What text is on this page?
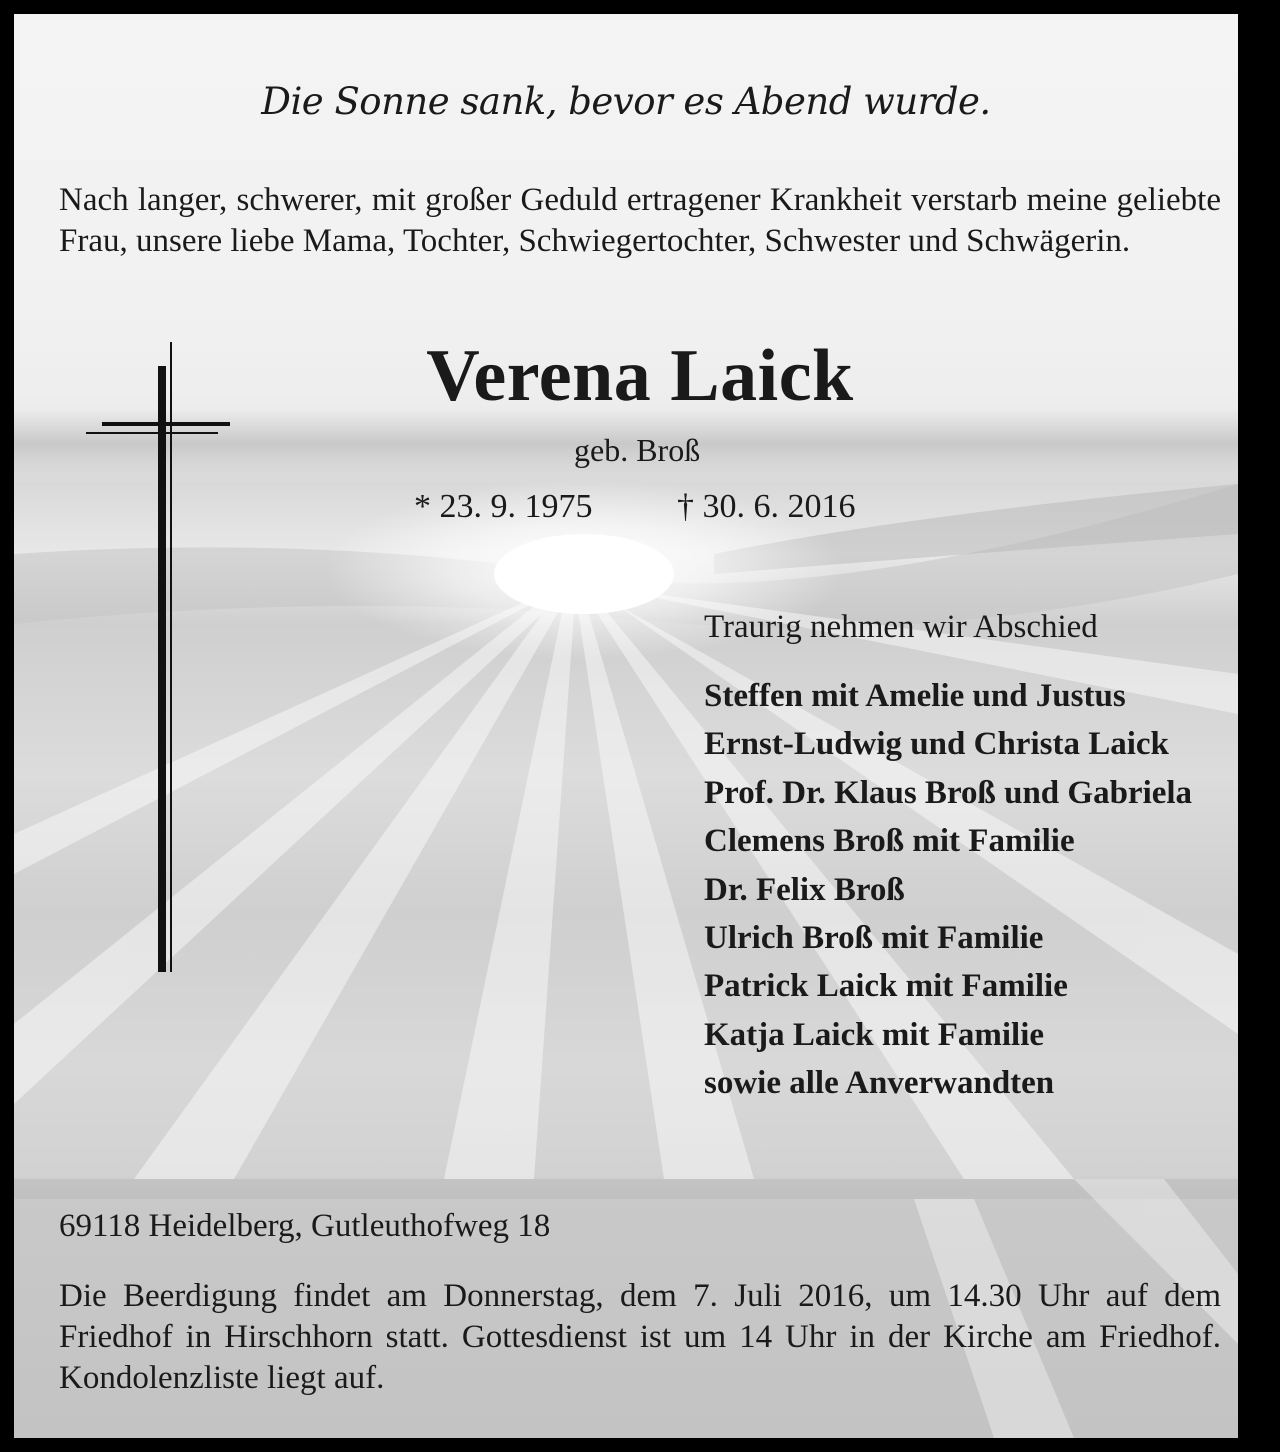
Die Sonne sank, bevor es Abend wurde.

Nach langer, schwerer, mit großer Geduld ertragener Krankheit verstarb meine geliebte Frau, unsere liebe Mama, Tochter, Schwiegertochter, Schwester und Schwägerin.

Verena Laick

geb. Broß

* 23. 9. 1975 † 30. 6. 2016

Traurig nehmen wir Abschied

Steffen mit Amelie und Justus
Ernst-Ludwig und Christa Laick
Prof. Dr. Klaus Broß und Gabriela
Clemens Broß mit Familie
Dr. Felix Broß
Ulrich Broß mit Familie
Patrick Laick mit Familie
Katja Laick mit Familie
sowie alle Anverwandten

69118 Heidelberg, Gutleuthofweg 18

Die Beerdigung findet am Donnerstag, dem 7. Juli 2016, um 14.30 Uhr auf dem Friedhof in Hirschhorn statt. Gottesdienst ist um 14 Uhr in der Kirche am Friedhof. Kondolenzliste liegt auf.
